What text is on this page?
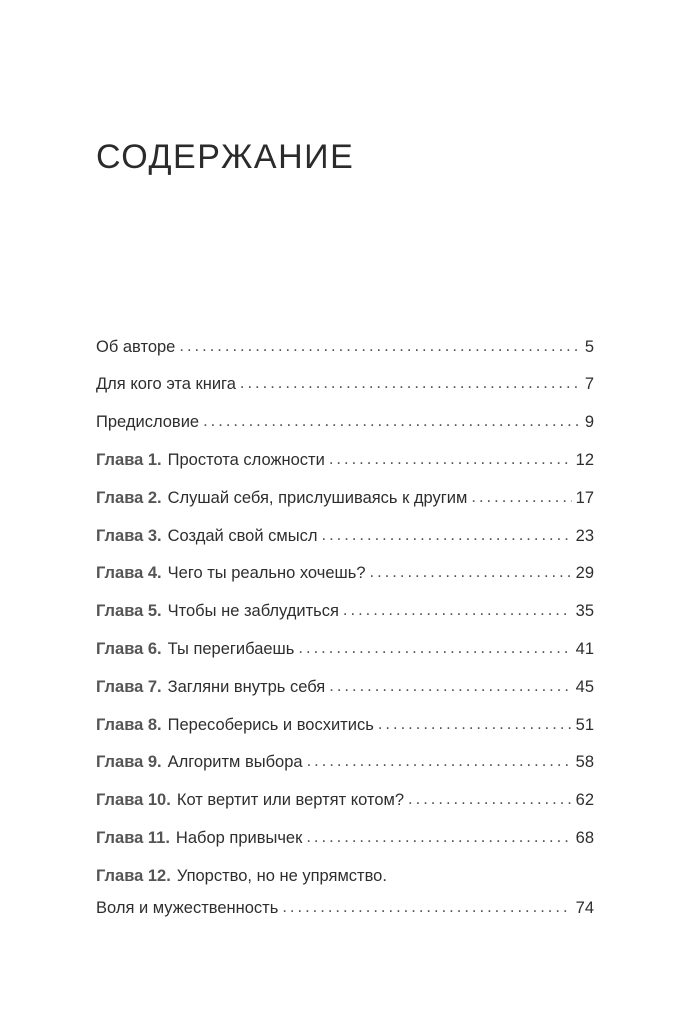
СОДЕРЖАНИЕ
Об авторе .....	5
Для кого эта книга .....	7
Предисловие .....	9
Глава 1. Простота сложности .....	12
Глава 2. Слушай себя, прислушиваясь к другим .....	17
Глава 3. Создай свой смысл .....	23
Глава 4. Чего ты реально хочешь? .....	29
Глава 5. Чтобы не заблудиться .....	35
Глава 6. Ты перегибаешь .....	41
Глава 7. Загляни внутрь себя .....	45
Глава 8. Пересоберись и восхитись .....	51
Глава 9. Алгоритм выбора .....	58
Глава 10. Кот вертит или вертят котом? .....	62
Глава 11. Набор привычек .....	68
Глава 12. Упорство, но не упрямство.
Воля и мужественность .....	74
